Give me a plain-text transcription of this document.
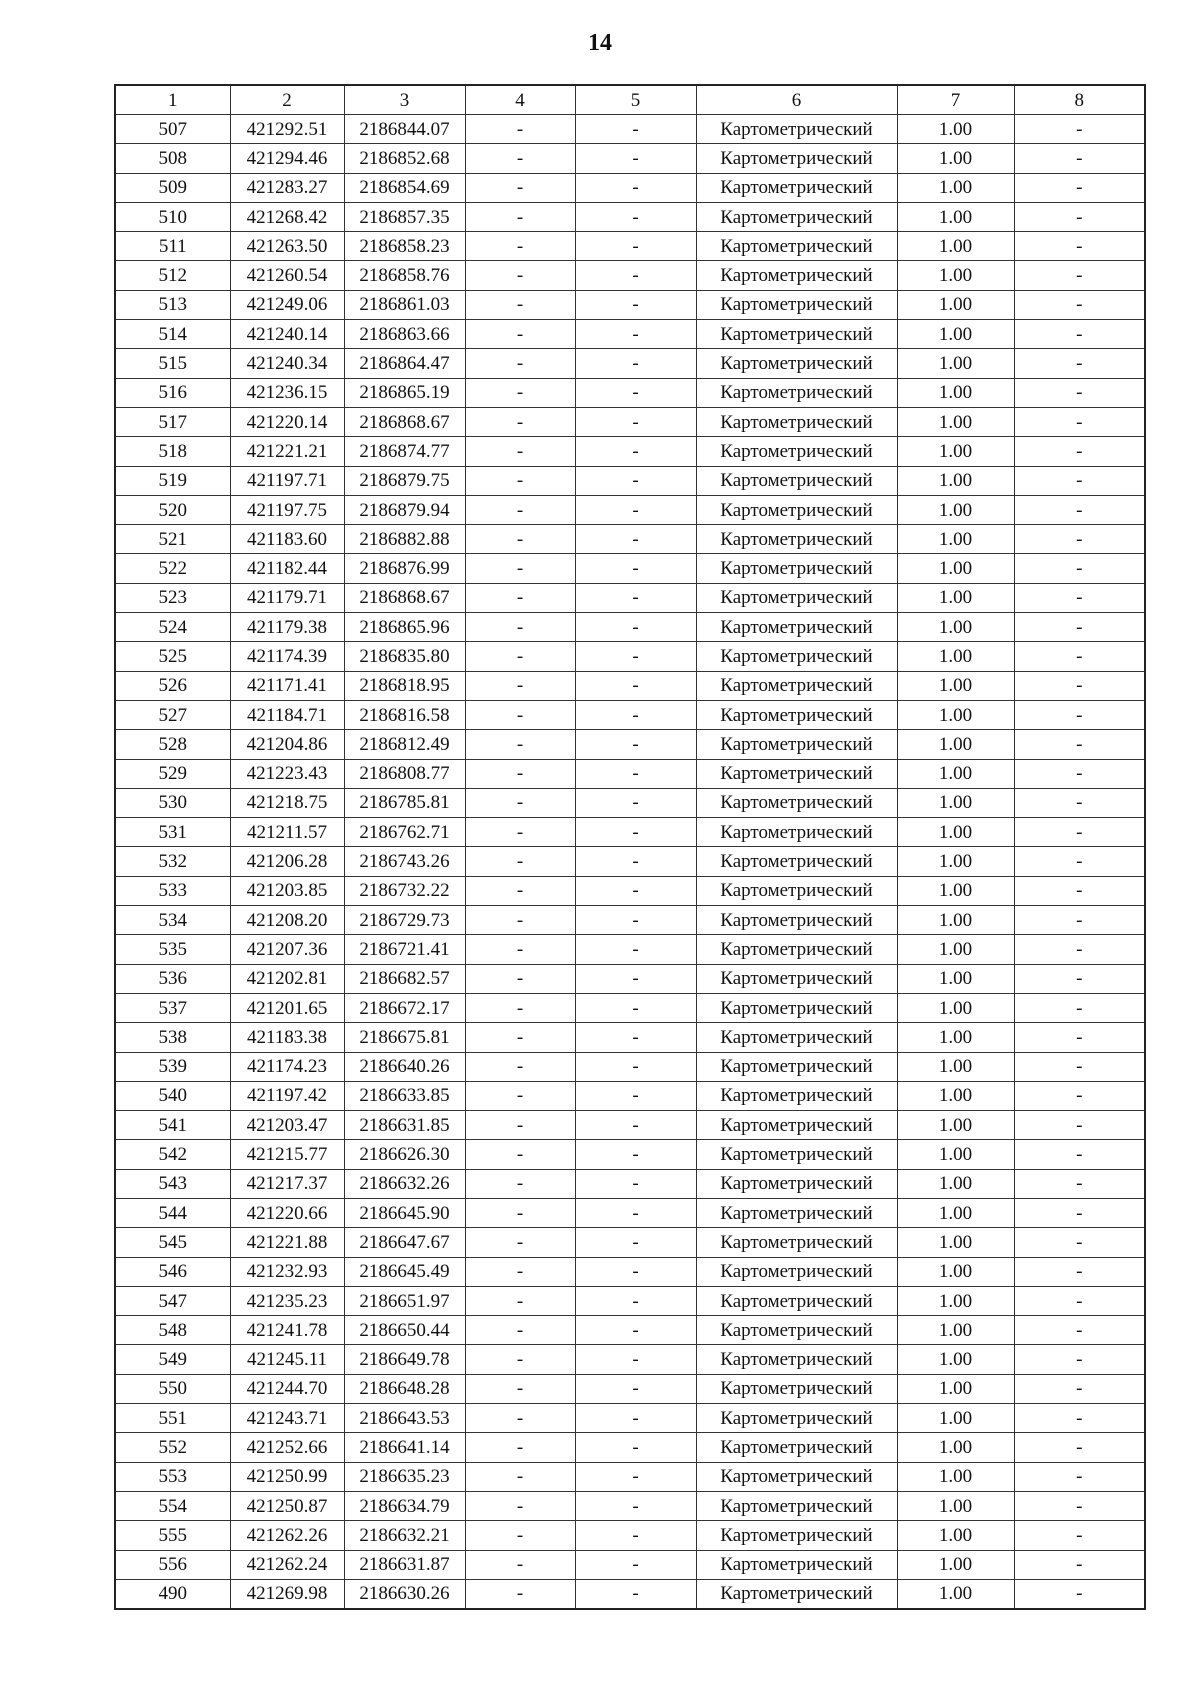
14
1	2	3	4	5	6	7	8
507	421292.51	2186844.07	-	-	Картометрический	1.00	-
508	421294.46	2186852.68	-	-	Картометрический	1.00	-
509	421283.27	2186854.69	-	-	Картометрический	1.00	-
510	421268.42	2186857.35	-	-	Картометрический	1.00	-
511	421263.50	2186858.23	-	-	Картометрический	1.00	-
512	421260.54	2186858.76	-	-	Картометрический	1.00	-
513	421249.06	2186861.03	-	-	Картометрический	1.00	-
514	421240.14	2186863.66	-	-	Картометрический	1.00	-
515	421240.34	2186864.47	-	-	Картометрический	1.00	-
516	421236.15	2186865.19	-	-	Картометрический	1.00	-
517	421220.14	2186868.67	-	-	Картометрический	1.00	-
518	421221.21	2186874.77	-	-	Картометрический	1.00	-
519	421197.71	2186879.75	-	-	Картометрический	1.00	-
520	421197.75	2186879.94	-	-	Картометрический	1.00	-
521	421183.60	2186882.88	-	-	Картометрический	1.00	-
522	421182.44	2186876.99	-	-	Картометрический	1.00	-
523	421179.71	2186868.67	-	-	Картометрический	1.00	-
524	421179.38	2186865.96	-	-	Картометрический	1.00	-
525	421174.39	2186835.80	-	-	Картометрический	1.00	-
526	421171.41	2186818.95	-	-	Картометрический	1.00	-
527	421184.71	2186816.58	-	-	Картометрический	1.00	-
528	421204.86	2186812.49	-	-	Картометрический	1.00	-
529	421223.43	2186808.77	-	-	Картометрический	1.00	-
530	421218.75	2186785.81	-	-	Картометрический	1.00	-
531	421211.57	2186762.71	-	-	Картометрический	1.00	-
532	421206.28	2186743.26	-	-	Картометрический	1.00	-
533	421203.85	2186732.22	-	-	Картометрический	1.00	-
534	421208.20	2186729.73	-	-	Картометрический	1.00	-
535	421207.36	2186721.41	-	-	Картометрический	1.00	-
536	421202.81	2186682.57	-	-	Картометрический	1.00	-
537	421201.65	2186672.17	-	-	Картометрический	1.00	-
538	421183.38	2186675.81	-	-	Картометрический	1.00	-
539	421174.23	2186640.26	-	-	Картометрический	1.00	-
540	421197.42	2186633.85	-	-	Картометрический	1.00	-
541	421203.47	2186631.85	-	-	Картометрический	1.00	-
542	421215.77	2186626.30	-	-	Картометрический	1.00	-
543	421217.37	2186632.26	-	-	Картометрический	1.00	-
544	421220.66	2186645.90	-	-	Картометрический	1.00	-
545	421221.88	2186647.67	-	-	Картометрический	1.00	-
546	421232.93	2186645.49	-	-	Картометрический	1.00	-
547	421235.23	2186651.97	-	-	Картометрический	1.00	-
548	421241.78	2186650.44	-	-	Картометрический	1.00	-
549	421245.11	2186649.78	-	-	Картометрический	1.00	-
550	421244.70	2186648.28	-	-	Картометрический	1.00	-
551	421243.71	2186643.53	-	-	Картометрический	1.00	-
552	421252.66	2186641.14	-	-	Картометрический	1.00	-
553	421250.99	2186635.23	-	-	Картометрический	1.00	-
554	421250.87	2186634.79	-	-	Картометрический	1.00	-
555	421262.26	2186632.21	-	-	Картометрический	1.00	-
556	421262.24	2186631.87	-	-	Картометрический	1.00	-
490	421269.98	2186630.26	-	-	Картометрический	1.00	-
